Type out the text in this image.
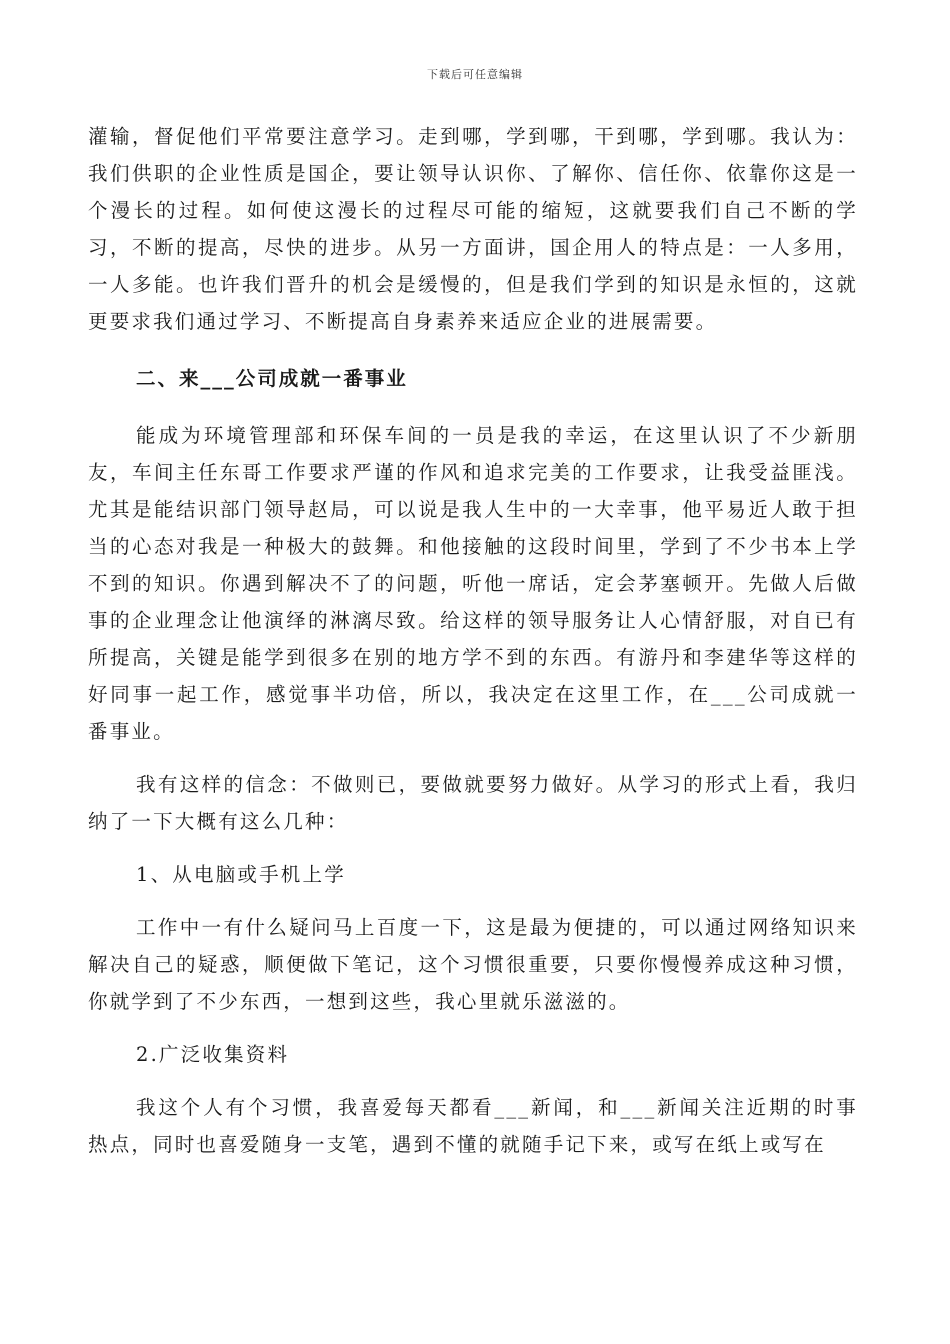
下载后可任意编辑

灌输，督促他们平常要注意学习。走到哪，学到哪，干到哪，学到哪。我认为：我们供职的企业性质是国企，要让领导认识你、了解你、信任你、依靠你这是一个漫长的过程。如何使这漫长的过程尽可能的缩短，这就要我们自己不断的学习，不断的提高，尽快的进步。从另一方面讲，国企用人的特点是：一人多用，一人多能。也许我们晋升的机会是缓慢的，但是我们学到的知识是永恒的，这就更要求我们通过学习、不断提高自身素养来适应企业的进展需要。

二、来___公司成就一番事业

能成为环境管理部和环保车间的一员是我的幸运，在这里认识了不少新朋友，车间主任东哥工作要求严谨的作风和追求完美的工作要求，让我受益匪浅。尤其是能结识部门领导赵局，可以说是我人生中的一大幸事，他平易近人敢于担当的心态对我是一种极大的鼓舞。和他接触的这段时间里，学到了不少书本上学不到的知识。你遇到解决不了的问题，听他一席话，定会茅塞顿开。先做人后做事的企业理念让他演绎的淋漓尽致。给这样的领导服务让人心情舒服，对自已有所提高，关键是能学到很多在别的地方学不到的东西。有游丹和李建华等这样的好同事一起工作，感觉事半功倍，所以，我决定在这里工作，在___公司成就一番事业。

我有这样的信念：不做则已，要做就要努力做好。从学习的形式上看，我归纳了一下大概有这么几种：

1、从电脑或手机上学

工作中一有什么疑问马上百度一下，这是最为便捷的，可以通过网络知识来解决自己的疑惑，顺便做下笔记，这个习惯很重要，只要你慢慢养成这种习惯，你就学到了不少东西，一想到这些，我心里就乐滋滋的。

2.广泛收集资料

我这个人有个习惯，我喜爱每天都看___新闻，和___新闻关注近期的时事热点，同时也喜爱随身一支笔，遇到不懂的就随手记下来，或写在纸上或写在
